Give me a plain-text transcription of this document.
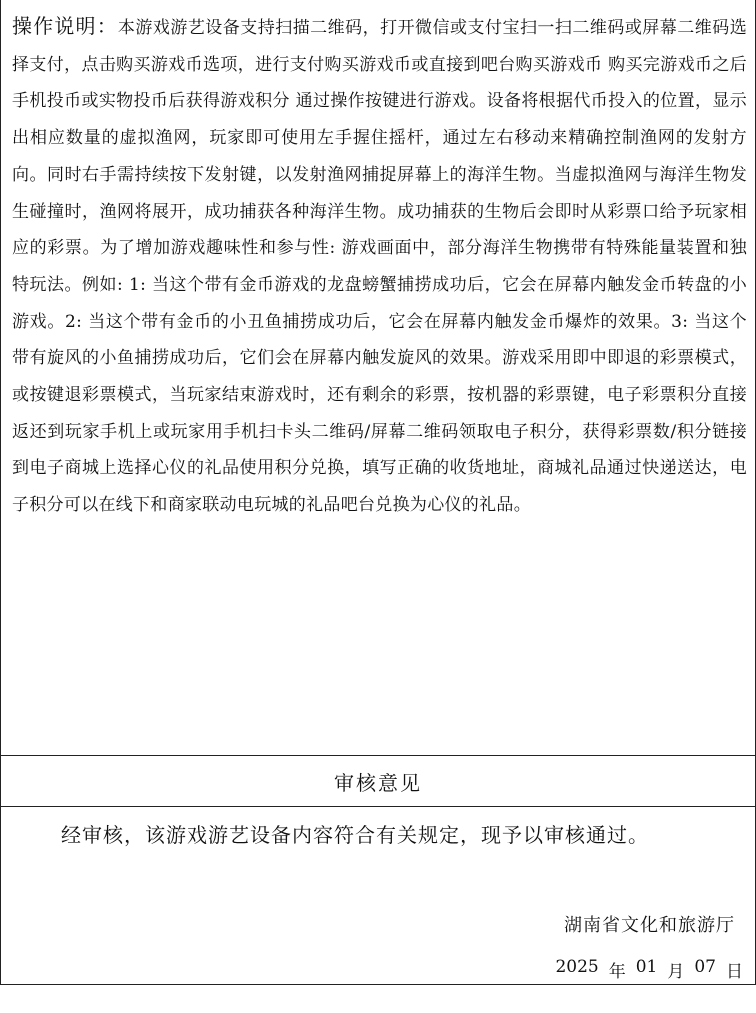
操作说明：本游戏游艺设备支持扫描二维码，打开微信或支付宝扫一扫二维码或屏幕二维码选择支付，点击购买游戏币选项，进行支付购买游戏币或直接到吧台购买游戏币 购买完游戏币之后手机投币或实物投币后获得游戏积分 通过操作按键进行游戏。设备将根据代币投入的位置，显示出相应数量的虚拟渔网，玩家即可使用左手握住摇杆，通过左右移动来精确控制渔网的发射方向。同时右手需持续按下发射键，以发射渔网捕捉屏幕上的海洋生物。当虚拟渔网与海洋生物发生碰撞时，渔网将展开，成功捕获各种海洋生物。成功捕获的生物后会即时从彩票口给予玩家相应的彩票。为了增加游戏趣味性和参与性: 游戏画面中，部分海洋生物携带有特殊能量装置和独特玩法。例如: 1: 当这个带有金币游戏的龙盘螃蟹捕捞成功后，它会在屏幕内触发金币转盘的小游戏。2: 当这个带有金币的小丑鱼捕捞成功后，它会在屏幕内触发金币爆炸的效果。3: 当这个带有旋风的小鱼捕捞成功后，它们会在屏幕内触发旋风的效果。游戏采用即中即退的彩票模式，或按键退彩票模式，当玩家结束游戏时，还有剩余的彩票，按机器的彩票键，电子彩票积分直接返还到玩家手机上或玩家用手机扫卡头二维码/屏幕二维码领取电子积分，获得彩票数/积分链接到电子商城上选择心仪的礼品使用积分兑换，填写正确的收货地址，商城礼品通过快递送达，电子积分可以在线下和商家联动电玩城的礼品吧台兑换为心仪的礼品。

审核意见
经审核，该游戏游艺设备内容符合有关规定，现予以审核通过。
湖南省文化和旅游厅
2025 年 01 月 07 日
